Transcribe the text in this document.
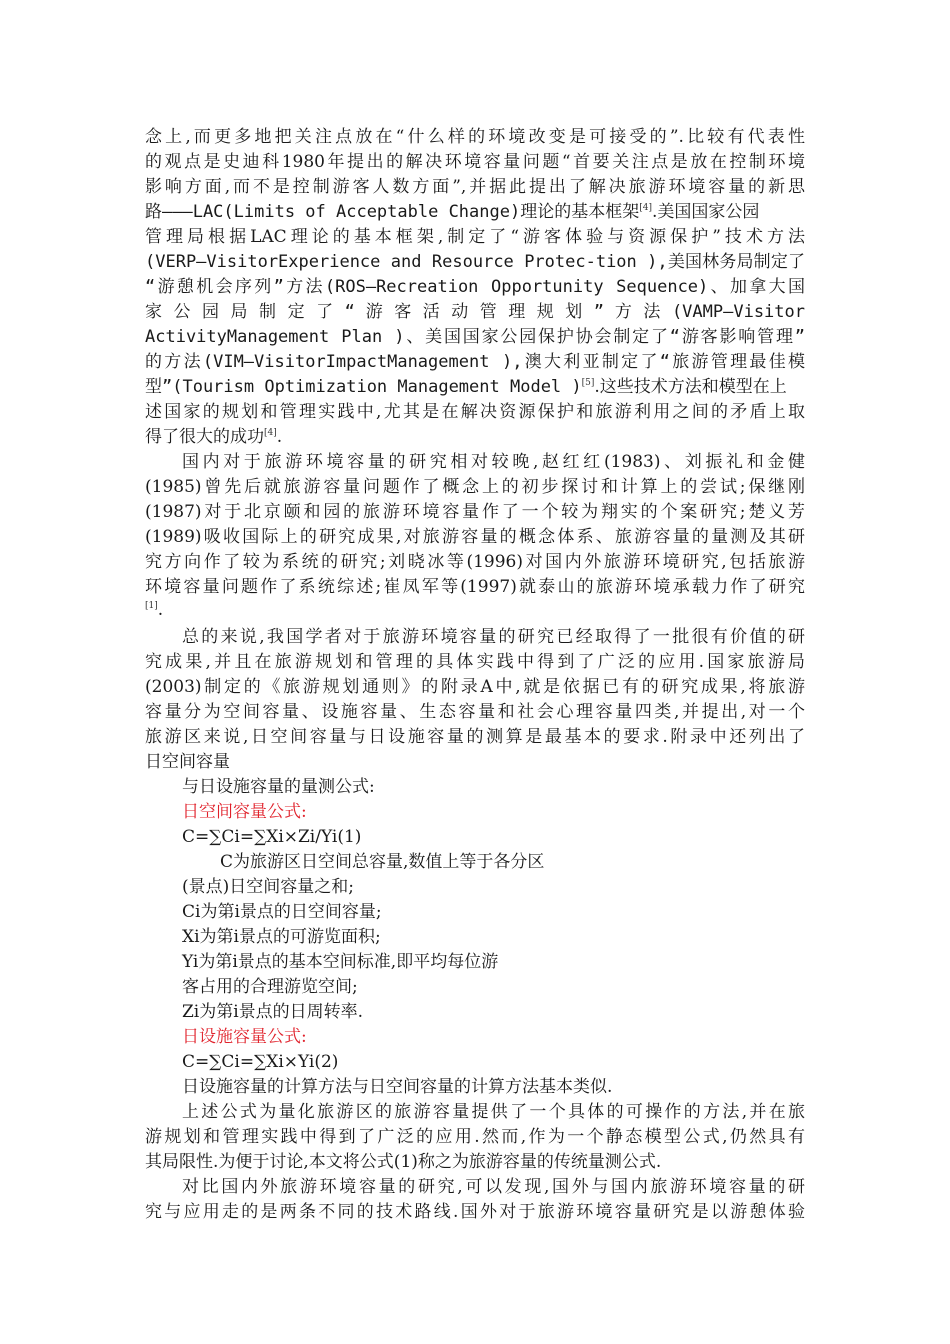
念上,而更多地把关注点放在“什么样的环境改变是可接受的”.比较有代表性
的观点是史迪科1980年提出的解决环境容量问题“首要关注点是放在控制环境
影响方面,而不是控制游客人数方面”,并据此提出了解决旅游环境容量的新思
路———LAC(Limits of Acceptable Change)理论的基本框架[4].美国国家公园
管理局根据LAC理论的基本框架,制定了“游客体验与资源保护”技术方法
(VERP—VisitorExperience and Resource Protec-tion ),美国林务局制定了
“游憩机会序列”方法(ROS—Recreation Opportunity Sequence)、加拿大国
家 公 园 局 制 定 了 “ 游 客 活 动 管 理 规 划 ” 方 法 (VAMP—Visitor
ActivityManagement Plan )、美国国家公园保护协会制定了“游客影响管理”
的方法(VIM—VisitorImpactManagement ),澳大利亚制定了“旅游管理最佳模
型”(Tourism Optimization Management Model )[5].这些技术方法和模型在上
述国家的规划和管理实践中,尤其是在解决资源保护和旅游利用之间的矛盾上取
得了很大的成功[4].
国内对于旅游环境容量的研究相对较晚,赵红红(1983)、刘振礼和金健
(1985)曾先后就旅游容量问题作了概念上的初步探讨和计算上的尝试;保继刚
(1987)对于北京颐和园的旅游环境容量作了一个较为翔实的个案研究;楚义芳
(1989)吸收国际上的研究成果,对旅游容量的概念体系、旅游容量的量测及其研
究方向作了较为系统的研究;刘晓冰等(1996)对国内外旅游环境研究,包括旅游
环境容量问题作了系统综述;崔凤军等(1997)就泰山的旅游环境承载力作了研究
[1].
总的来说,我国学者对于旅游环境容量的研究已经取得了一批很有价值的研
究成果,并且在旅游规划和管理的具体实践中得到了广泛的应用.国家旅游局
(2003)制定的《旅游规划通则》的附录A中,就是依据已有的研究成果,将旅游
容量分为空间容量、设施容量、生态容量和社会心理容量四类,并提出,对一个
旅游区来说,日空间容量与日设施容量的测算是最基本的要求.附录中还列出了
日空间容量
与日设施容量的量测公式:
日空间容量公式:
C=∑Ci=∑Xi×Zi/Yi(1)
C为旅游区日空间总容量,数值上等于各分区
(景点)日空间容量之和;
Ci为第i景点的日空间容量;
Xi为第i景点的可游览面积;
Yi为第i景点的基本空间标准,即平均每位游
客占用的合理游览空间;
Zi为第i景点的日周转率.
日设施容量公式:
C=∑Ci=∑Xi×Yi(2)
日设施容量的计算方法与日空间容量的计算方法基本类似.
上述公式为量化旅游区的旅游容量提供了一个具体的可操作的方法,并在旅
游规划和管理实践中得到了广泛的应用.然而,作为一个静态模型公式,仍然具有
其局限性.为便于讨论,本文将公式(1)称之为旅游容量的传统量测公式.
对比国内外旅游环境容量的研究,可以发现,国外与国内旅游环境容量的研
究与应用走的是两条不同的技术路线.国外对于旅游环境容量研究是以游憩体验
